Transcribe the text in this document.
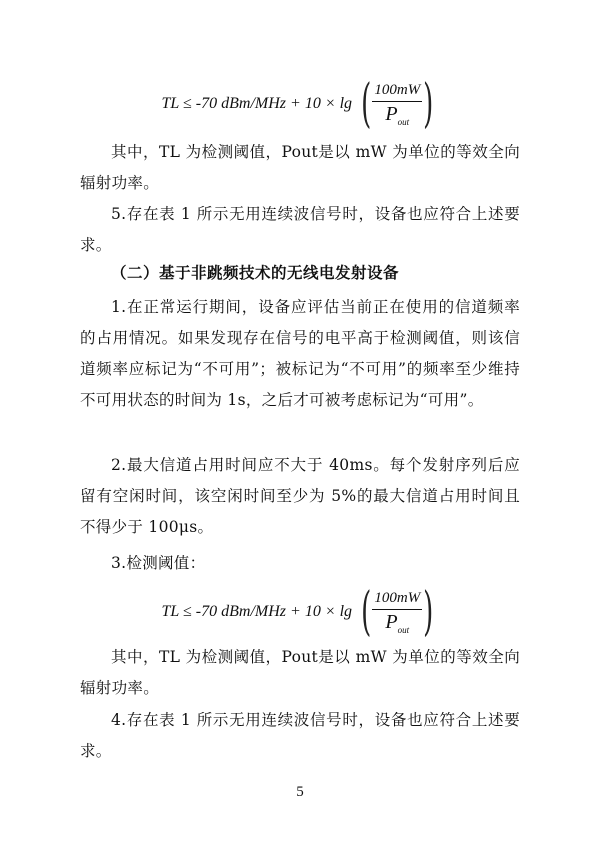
TL ≤ -70 dBm/MHz + 10 × lg ( $\frac{100mW}{P_{out}}$ )
其中，TL 为检测阈值，Pout是以 mW 为单位的等效全向辐射功率。
5.存在表 1 所示无用连续波信号时，设备也应符合上述要求。
（二）基于非跳频技术的无线电发射设备
1.在正常运行期间，设备应评估当前正在使用的信道频率的占用情况。如果发现存在信号的电平高于检测阈值，则该信道频率应标记为“不可用”；被标记为“不可用”的频率至少维持不可用状态的时间为 1s，之后才可被考虑标记为“可用”。
2.最大信道占用时间应不大于 40ms。每个发射序列后应留有空闲时间，该空闲时间至少为 5%的最大信道占用时间且不得少于 100μs。
3.检测阈值：
TL ≤ -70 dBm/MHz + 10 × lg ( $\frac{100mW}{P_{out}}$ )
其中，TL 为检测阈值，Pout是以 mW 为单位的等效全向辐射功率。
4.存在表 1 所示无用连续波信号时，设备也应符合上述要求。
5
